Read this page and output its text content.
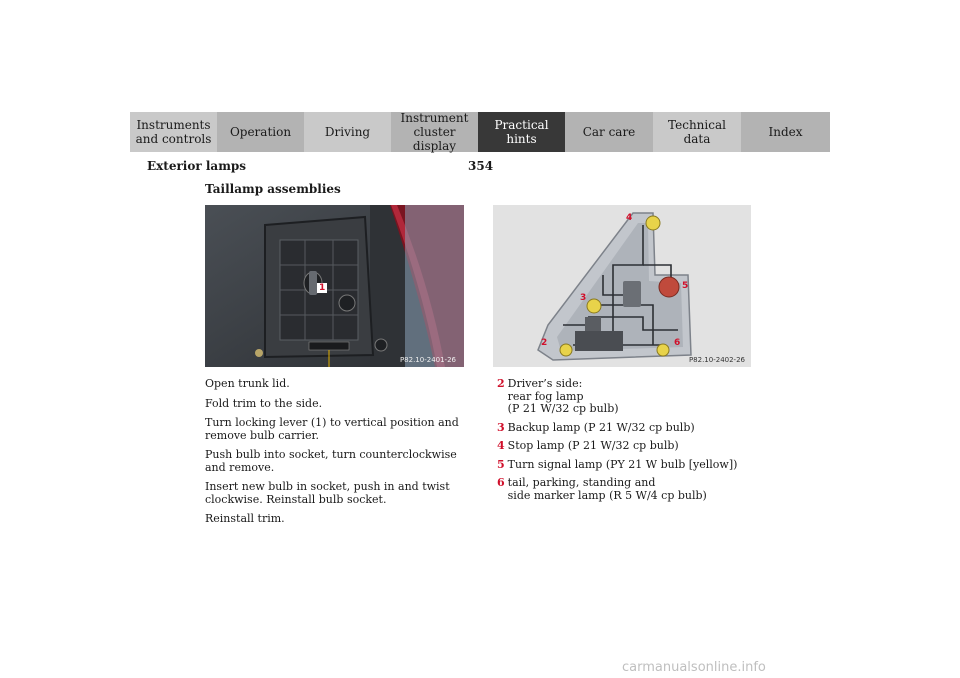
Instruments
and controls Operation	Driving
Instrument
cluster display
Practical hints	Car care	Technical
data	Index
Exterior lamps	354
Taillamp assemblies
1
P82.10-2401-26
4
5
3
2	6
P82.10-2402-26

Open trunk lid.

Fold trim to the side.

Turn locking lever (1) to vertical position and remove bulb carrier.

Push bulb into socket, turn counterclockwise and remove.

Insert new bulb in socket, push in and twist clockwise. Reinstall bulb socket.

Reinstall trim.

2 Driver’s side:
rear fog lamp
(P 21 W/32 cp bulb)
3 Backup lamp (P 21 W/32 cp bulb)
4 Stop lamp (P 21 W/32 cp bulb)
5 Turn signal lamp (PY 21 W bulb [yellow])
6 tail, parking, standing and
side marker lamp (R 5 W/4 cp bulb)
carmanualsonline.info
